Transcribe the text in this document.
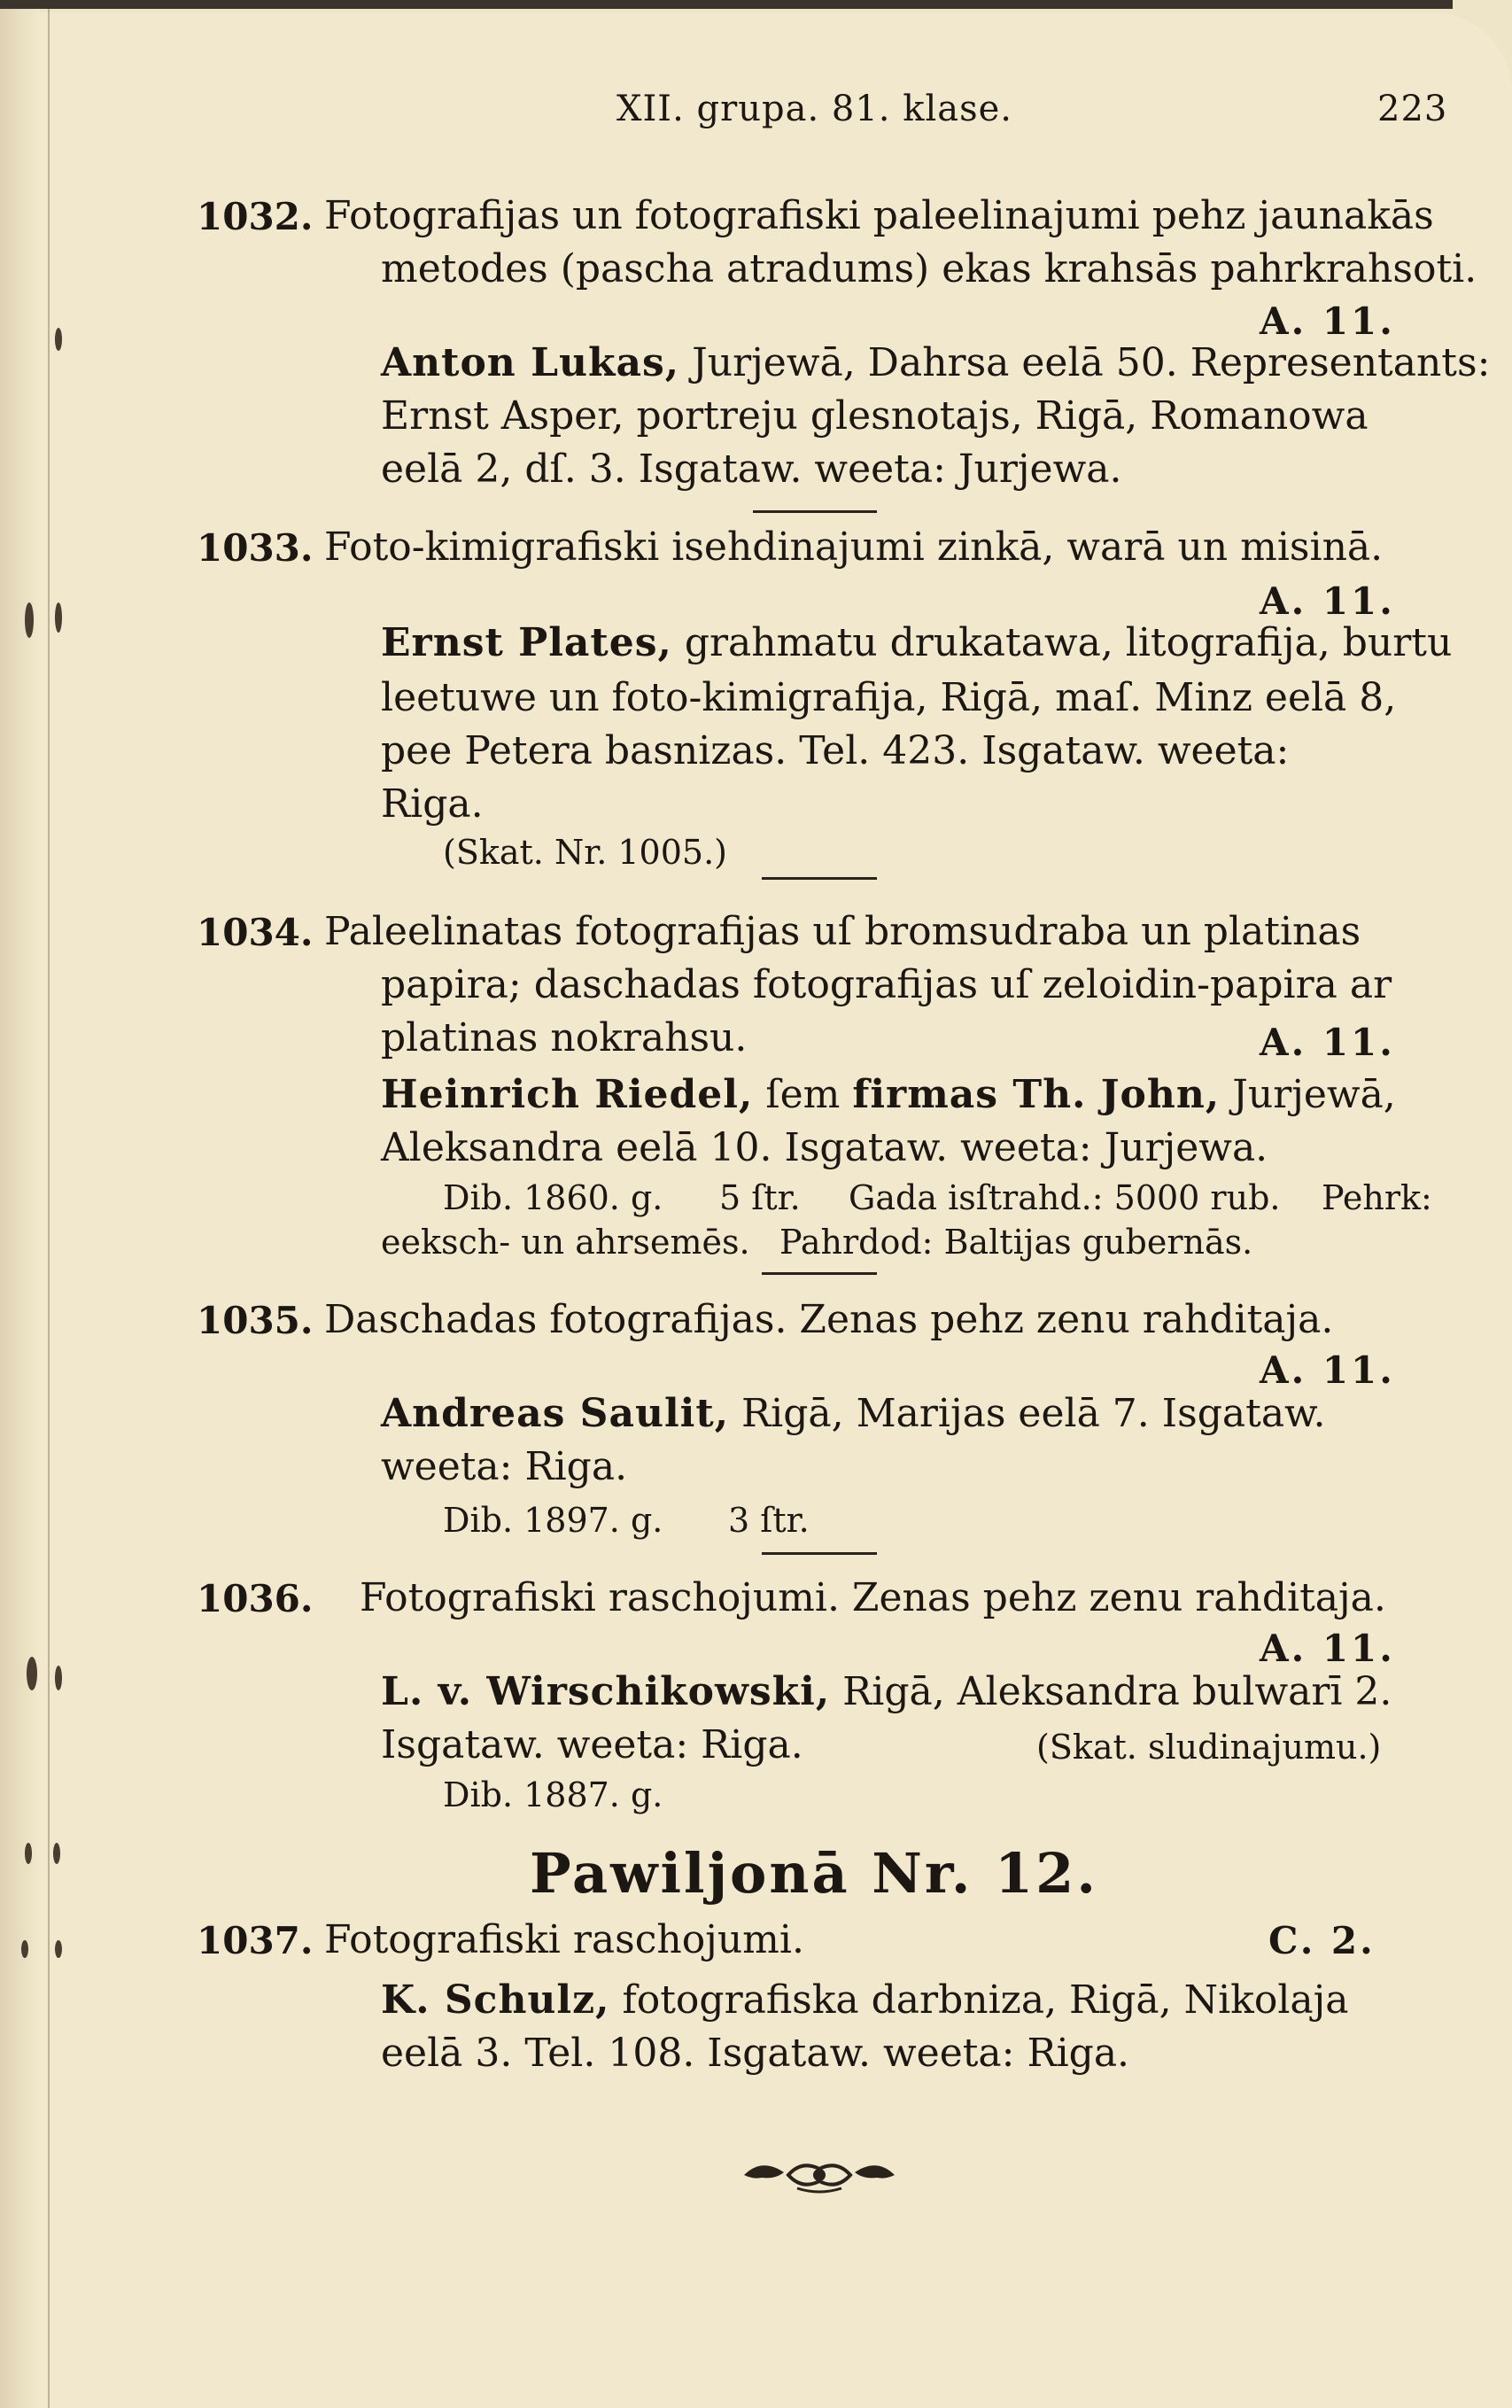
XII. grupa. 81. klase.	223
1032. Fotografijas un fotografiski paleelinajumi pehz jaunakās
metodes (pascha atradums) ekas krahsās pahrkrahsoti.
A. 11.
Anton Lukas, Jurjewā, Dahrsa eelā 50. Representants:
Ernst Asper, portreju glesnotajs, Rigā, Romanowa
eelā 2, dſ. 3. Isgataw. weeta: Jurjewa.
1033. Foto-kimigrafiski isehdinajumi zinkā, warā un misinā.
A. 11.
Ernst Plates, grahmatu drukatawa, litografija, burtu
leetuwe un foto-kimigrafija, Rigā, maſ. Minz eelā 8,
pee Petera basnizas. Tel. 423. Isgataw. weeta:
Riga.
(Skat. Nr. 1005.)
1034. Paleelinatas fotografijas uſ bromsudraba un platinas
papira; daschadas fotografijas uſ zeloidin-papira ar
platinas nokrahsu.	A. 11.
Heinrich Riedel, ſem firmas Th. John, Jurjewā,
Aleksandra eelā 10. Isgataw. weeta: Jurjewa.
Dib. 1860. g. 5 ſtr. Gada isſtrahd.: 5000 rub. Pehrk:
eeksch- un ahrsemēs. Pahrdod: Baltijas gubernās.
1035. Daschadas fotografijas. Zenas pehz zenu rahditaja.
A. 11.
Andreas Saulit, Rigā, Marijas eelā 7. Isgataw.
weeta: Riga.
Dib. 1897. g. 3 ſtr.
1036. Fotografiski raschojumi. Zenas pehz zenu rahditaja.
A. 11.
L. v. Wirschikowski, Rigā, Aleksandra bulwarī 2.
Isgataw. weeta: Riga.	(Skat. sludinajumu.)
Dib. 1887. g.
Pawiljonā Nr. 12.
1037. Fotografiski raschojumi.	C. 2.
K. Schulz, fotografiska darbniza, Rigā, Nikolaja
eelā 3. Tel. 108. Isgataw. weeta: Riga.
